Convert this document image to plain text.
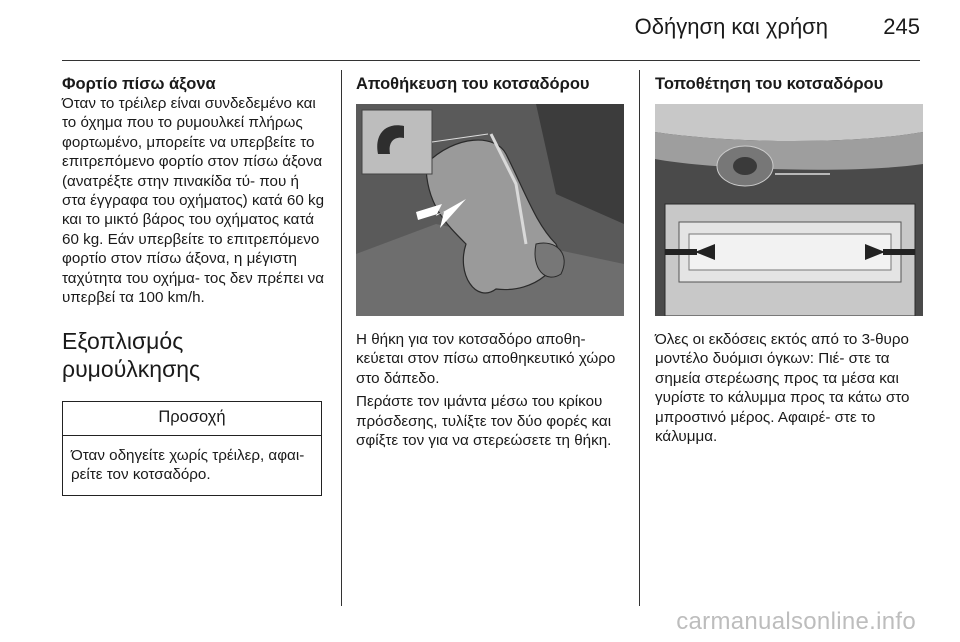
Οδήγηση και χρήση	245
Φορτίο πίσω άξονα

Όταν το τρέιλερ είναι συνδεδεμένο και το όχημα που το ρυμουλκεί πλήρως φορτωμένο, μπορείτε να υπερβείτε το επιτρεπόμενο φορτίο στον πίσω άξονα (ανατρέξτε στην πινακίδα τύ- που ή στα έγγραφα του οχήματος) κατά 60 kg και το μικτό βάρος του οχήματος κατά 60 kg. Εάν υπερβείτε το επιτρεπόμενο φορτίο στον πίσω άξονα, η μέγιστη ταχύτητα του οχήμα- τος δεν πρέπει να υπερβεί τα 100 km/h.

Εξοπλισμός ρυμούλκησης
Προσοχή
Όταν οδηγείτε χωρίς τρέιλερ, αφαι- ρείτε τον κοτσαδόρο.
Αποθήκευση του κοτσαδόρου

Η θήκη για τον κοτσαδόρο αποθη- κεύεται στον πίσω αποθηκευτικό χώρο στο δάπεδο.

Περάστε τον ιμάντα μέσω του κρίκου πρόσδεσης, τυλίξτε τον δύο φορές και σφίξτε τον για να στερεώσετε τη θήκη.

Τοποθέτηση του κοτσαδόρου

Όλες οι εκδόσεις εκτός από το 3-θυρο μοντέλο δυόμισι όγκων: Πιέ- στε τα σημεία στερέωσης προς τα μέσα και γυρίστε το κάλυμμα προς τα κάτω στο μπροστινό μέρος. Αφαιρέ- στε το κάλυμμα.

carmanualsonline.info
